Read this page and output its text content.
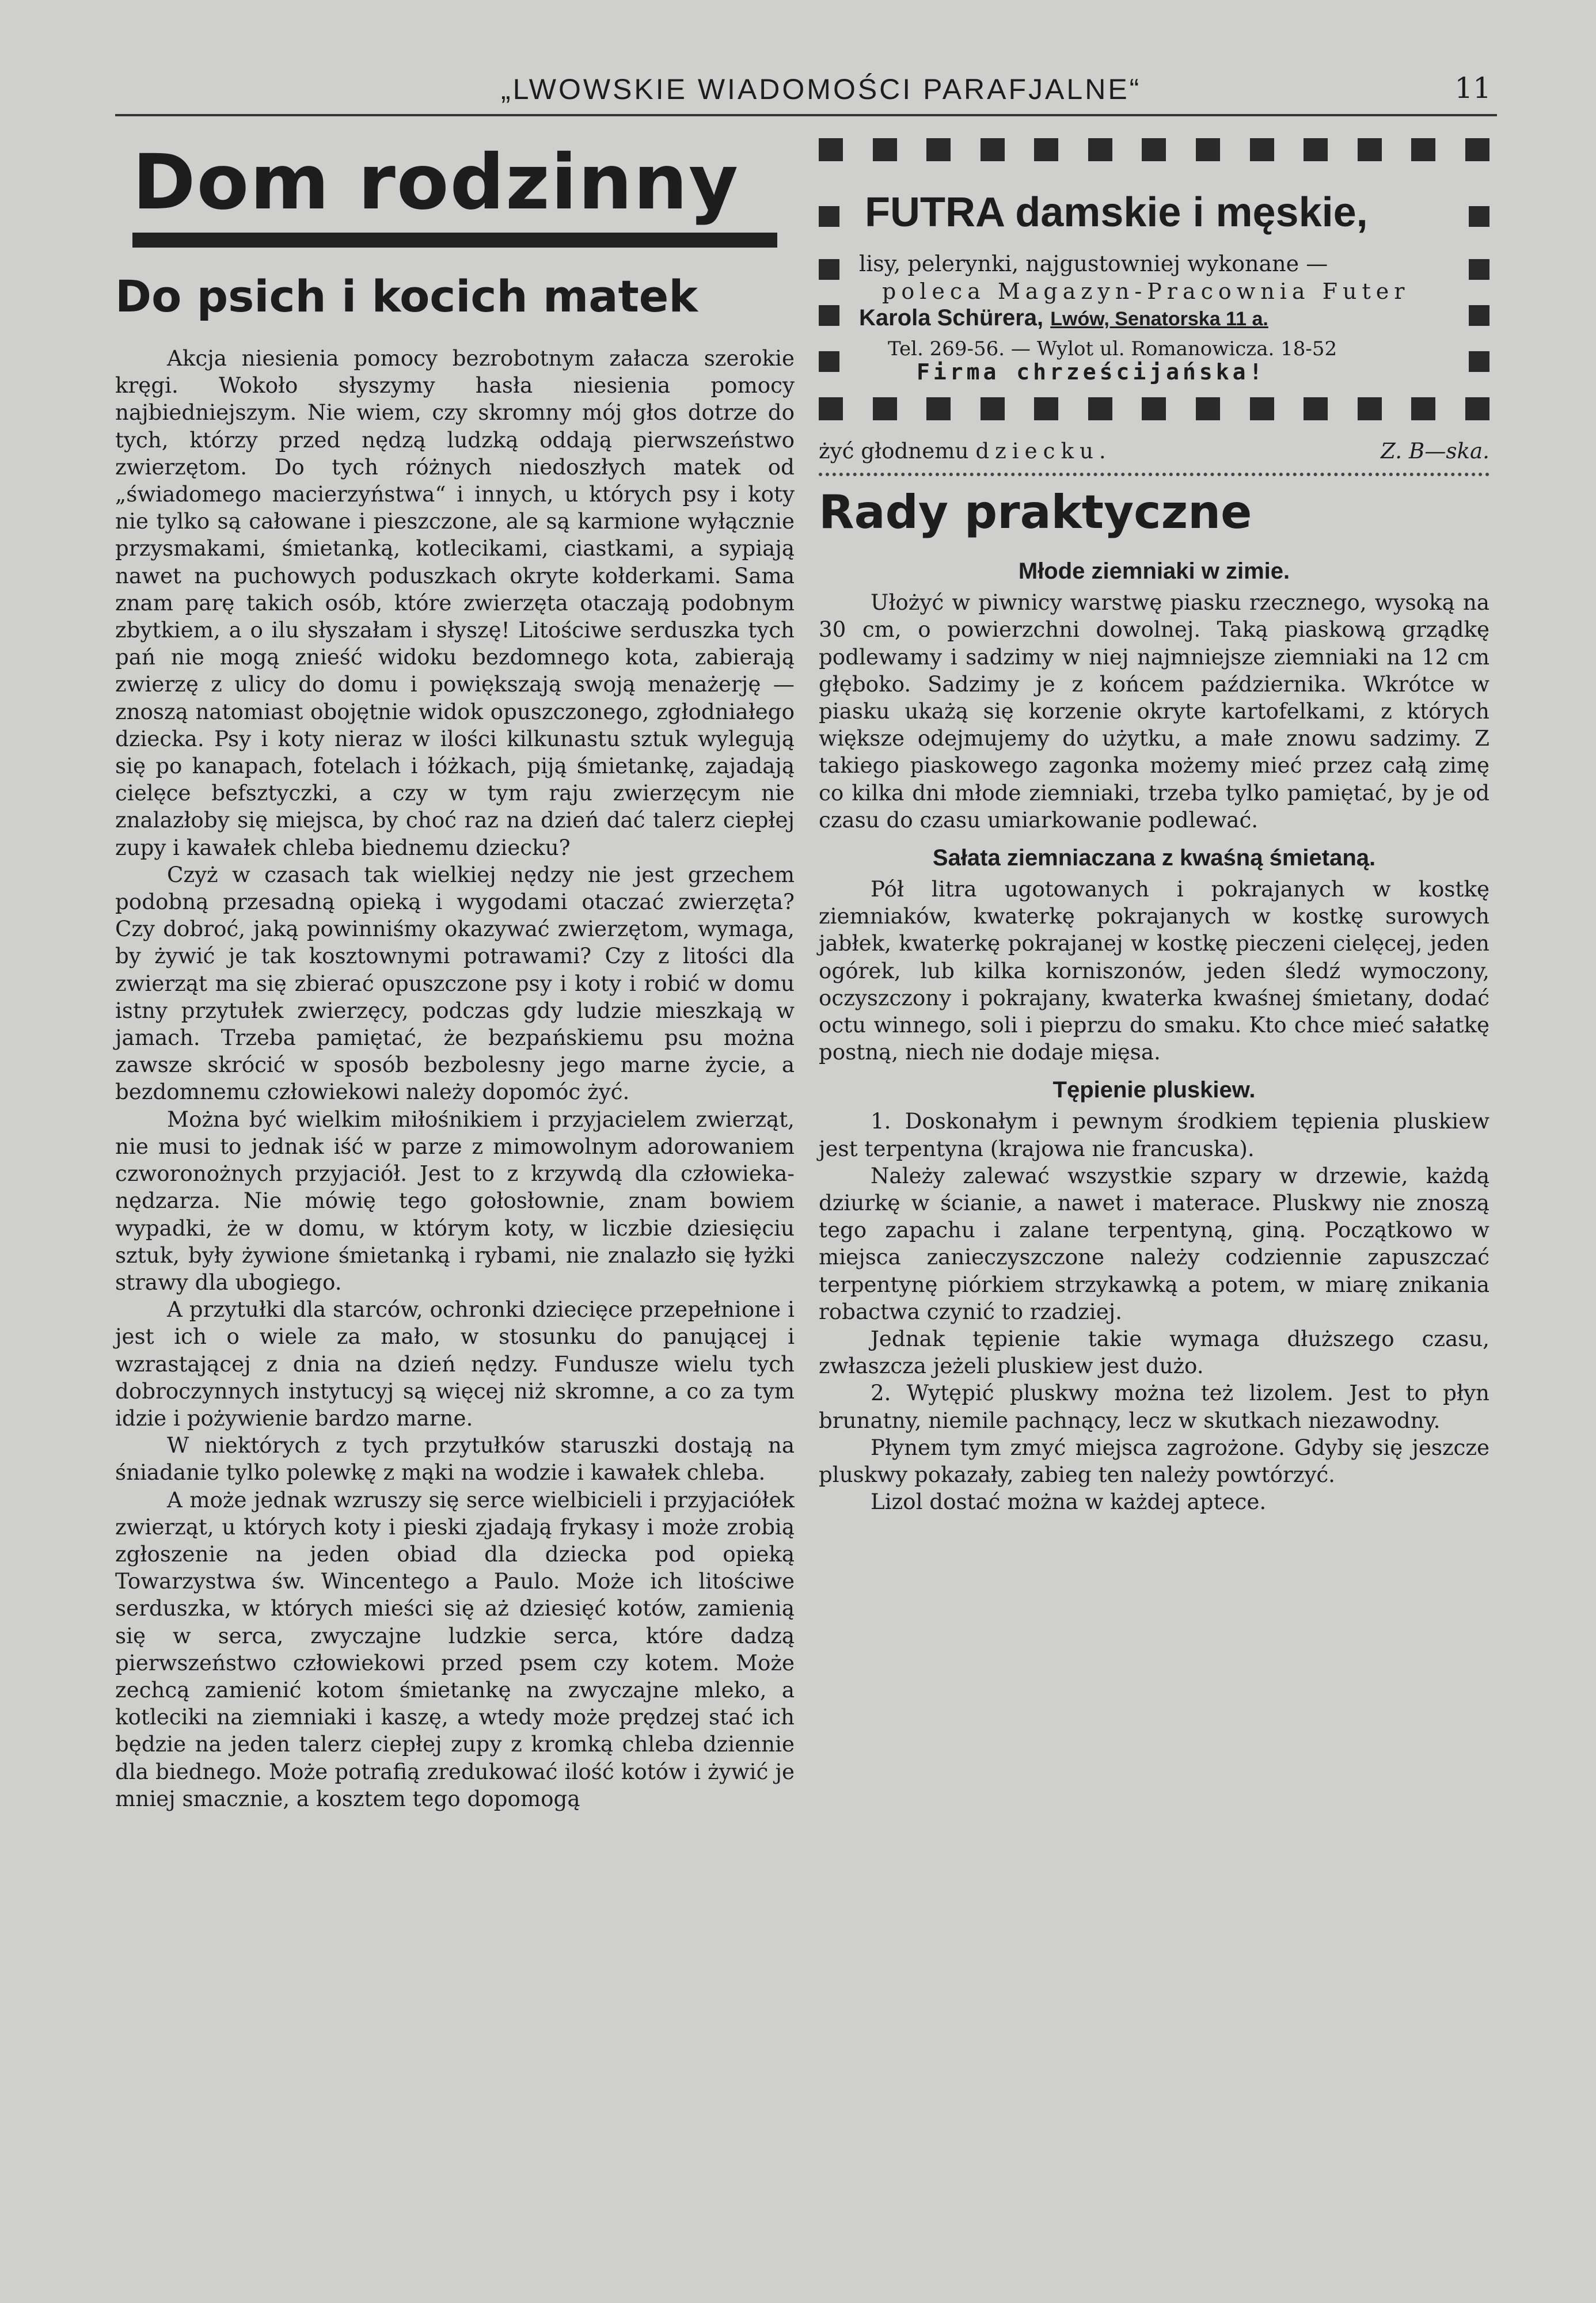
„LWOWSKIE WIADOMOŚCI PARAFJALNE“	11
Dom rodzinny
Do psich i kocich matek

Akcja niesienia pomocy bezrobotnym załacza szerokie kręgi. Wokoło słyszymy hasła niesienia pomocy najbiedniejszym. Nie wiem, czy skromny mój głos dotrze do tych, którzy przed nędzą ludzką oddają pierwszeństwo zwierzętom. Do tych różnych niedoszłych matek od „świadomego macierzyństwa“ i innych, u których psy i koty nie tylko są całowane i pieszczone, ale są karmione wyłącznie przysmakami, śmietanką, kotlecikami, ciastkami, a sypiają nawet na puchowych poduszkach okryte kołderkami. Sama znam parę takich osób, które zwierzęta otaczają podobnym zbytkiem, a o ilu słyszałam i słyszę! Litościwe serduszka tych pań nie mogą znieść widoku bezdomnego kota, zabierają zwierzę z ulicy do domu i powiększają swoją menażerję — znoszą natomiast obojętnie widok opuszczonego, zgłodniałego dziecka. Psy i koty nieraz w ilości kilkunastu sztuk wylegują się po kanapach, fotelach i łóżkach, piją śmietankę, zajadają cielęce befsztyczki, a czy w tym raju zwierzęcym nie znalazłoby się miejsca, by choć raz na dzień dać talerz ciepłej zupy i kawałek chleba biednemu dziecku?

Czyż w czasach tak wielkiej nędzy nie jest grzechem podobną przesadną opieką i wygodami otaczać zwierzęta? Czy dobroć, jaką powinniśmy okazywać zwierzętom, wymaga, by żywić je tak kosztownymi potrawami? Czy z litości dla zwierząt ma się zbierać opuszczone psy i koty i robić w domu istny przytułek zwierzęcy, podczas gdy ludzie mieszkają w jamach. Trzeba pamiętać, że bezpańskiemu psu można zawsze skrócić w sposób bezbolesny jego marne życie, a bezdomnemu człowiekowi należy dopomóc żyć.

Można być wielkim miłośnikiem i przyjacielem zwierząt, nie musi to jednak iść w parze z mimowolnym adorowaniem czworonożnych przyjaciół. Jest to z krzywdą dla człowieka-nędzarza. Nie mówię tego gołosłownie, znam bowiem wypadki, że w domu, w którym koty, w liczbie dziesięciu sztuk, były żywione śmietanką i rybami, nie znalazło się łyżki strawy dla ubogiego.

A przytułki dla starców, ochronki dziecięce przepełnione i jest ich o wiele za mało, w stosunku do panującej i wzrastającej z dnia na dzień nędzy. Fundusze wielu tych dobroczynnych instytucyj są więcej niż skromne, a co za tym idzie i pożywienie bardzo marne.

W niektórych z tych przytułków staruszki dostają na śniadanie tylko polewkę z mąki na wodzie i kawałek chleba.

A może jednak wzruszy się serce wielbicieli i przyjaciółek zwierząt, u których koty i pieski zjadają frykasy i może zrobią zgłoszenie na jeden obiad dla dziecka pod opieką Towarzystwa św. Wincentego a Paulo. Może ich litościwe serduszka, w których mieści się aż dziesięć kotów, zamienią się w serca, zwyczajne ludzkie serca, które dadzą pierwszeństwo człowiekowi przed psem czy kotem. Może zechcą zamienić kotom śmietankę na zwyczajne mleko, a kotleciki na ziemniaki i kaszę, a wtedy może prędzej stać ich będzie na jeden talerz ciepłej zupy z kromką chleba dziennie dla biednego. Może potrafią zredukować ilość kotów i żywić je mniej smacznie, a kosztem tego dopomogą

FUTRA damskie i męskie,
lisy, pelerynki, najgustowniej wykonane —
poleca Magazyn-Pracownia Futer
Karola Schürera, Lwów, Senatorska 11 a.
Tel. 269-56. — Wylot ul. Romanowicza. 18-52
Firma chrześcijańska!
żyć głodnemu dziecku.	Z. B—ska.
Rady praktyczne
Młode ziemniaki w zimie.

Ułożyć w piwnicy warstwę piasku rzecznego, wysoką na 30 cm, o powierzchni dowolnej. Taką piaskową grządkę podlewamy i sadzimy w niej najmniejsze ziemniaki na 12 cm głęboko. Sadzimy je z końcem października. Wkrótce w piasku ukażą się korzenie okryte kartofelkami, z których większe odejmujemy do użytku, a małe znowu sadzimy. Z takiego piaskowego zagonka możemy mieć przez całą zimę co kilka dni młode ziemniaki, trzeba tylko pamiętać, by je od czasu do czasu umiarkowanie podlewać.

Sałata ziemniaczana z kwaśną śmietaną.

Pół litra ugotowanych i pokrajanych w kostkę ziemniaków, kwaterkę pokrajanych w kostkę surowych jabłek, kwaterkę pokrajanej w kostkę pieczeni cielęcej, jeden ogórek, lub kilka korniszonów, jeden śledź wymoczony, oczyszczony i pokrajany, kwaterka kwaśnej śmietany, dodać octu winnego, soli i pieprzu do smaku. Kto chce mieć sałatkę postną, niech nie dodaje mięsa.

Tępienie pluskiew.

1. Doskonałym i pewnym środkiem tępienia pluskiew jest terpentyna (krajowa nie francuska).

Należy zalewać wszystkie szpary w drzewie, każdą dziurkę w ścianie, a nawet i materace. Pluskwy nie znoszą tego zapachu i zalane terpentyną, giną. Początkowo w miejsca zanieczyszczone należy codziennie zapuszczać terpentynę piórkiem strzykawką a potem, w miarę znikania robactwa czynić to rzadziej.

Jednak tępienie takie wymaga dłuższego czasu, zwłaszcza jeżeli pluskiew jest dużo.

2. Wytępić pluskwy można też lizolem. Jest to płyn brunatny, niemile pachnący, lecz w skutkach niezawodny.

Płynem tym zmyć miejsca zagrożone. Gdyby się jeszcze pluskwy pokazały, zabieg ten należy powtórzyć.

Lizol dostać można w każdej aptece.
